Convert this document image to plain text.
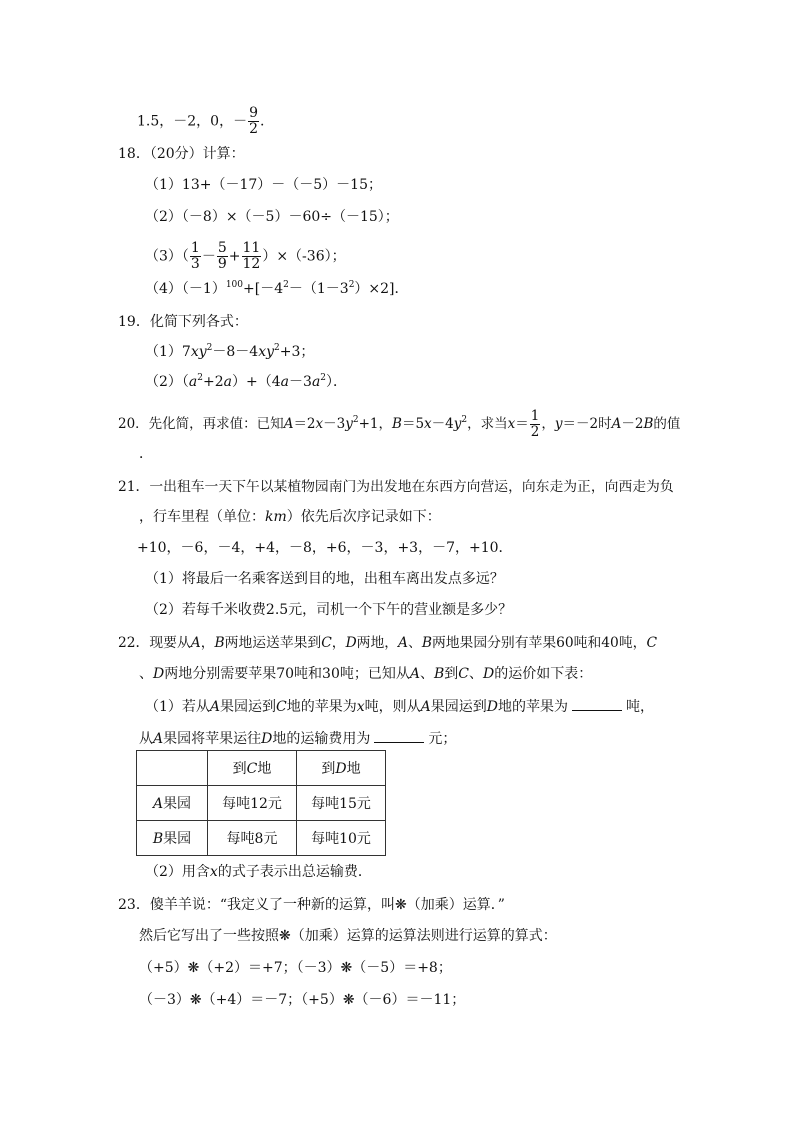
1.5，－2，0，－ $\frac{9}{2}$ .
18．（20分）计算：
（1）13+（－17）－（－5）－15；
（2）（－8）×（－5）－60÷（－15）；
$(3)( \frac{1}{3} - \frac{5}{9} + \frac{11}{12} )\times(-36)$；
$(4)(-1)^{100}+[-4^2-(1-3^2)\times 2]$．
19．化简下列各式：
$(1)7xy^2-8-4xy^2+3$；
$(2)(a^2+2a)+(4a-3a^2)$．
20．先化简，再求值：已知$A=2x-3y^2+1$，$B=5x-4y^2$，求当$x= \frac{1}{2}$ ，y＝－2时A－2B的值
．
21．一出租车一天下午以某植物园南门为出发地在东西方向营运，向东走为正，向西走为负
，行车里程（单位：km）依先后次序记录如下：
+10，－6，－4，+4，－8，+6，－3，+3，－7，+10．
（1）将最后一名乘客送到目的地，出租车离出发点多远？
（2）若每千米收费2.5元，司机一个下午的营业额是多少？
22．现要从A，B两地运送苹果到C，D两地，A、B两地果园分别有苹果60吨和40吨，C
、D两地分别需要苹果70吨和30吨；已知从A、B到C、D的运价如下表：
（1）若从A果园运到C地的苹果为x吨，则从A果园运到D地的苹果为	吨，
从A果园将苹果运往D地的运输费用为	元；
	到C地	到D地
A果园	每吨12元	每吨15元
B果园	每吨8元	每吨10元
（2）用含x的式子表示出总运输费．
23．傻羊羊说：“我定义了一种新的运算，叫❋（加乘）运算．”
然后它写出了一些按照❋（加乘）运算的运算法则进行运算的算式：
（+5）❋（+2）＝+7；（－3）❋（－5）＝+8；
（－3）❋（+4）＝－7；（+5）❋（－6）＝－11；
